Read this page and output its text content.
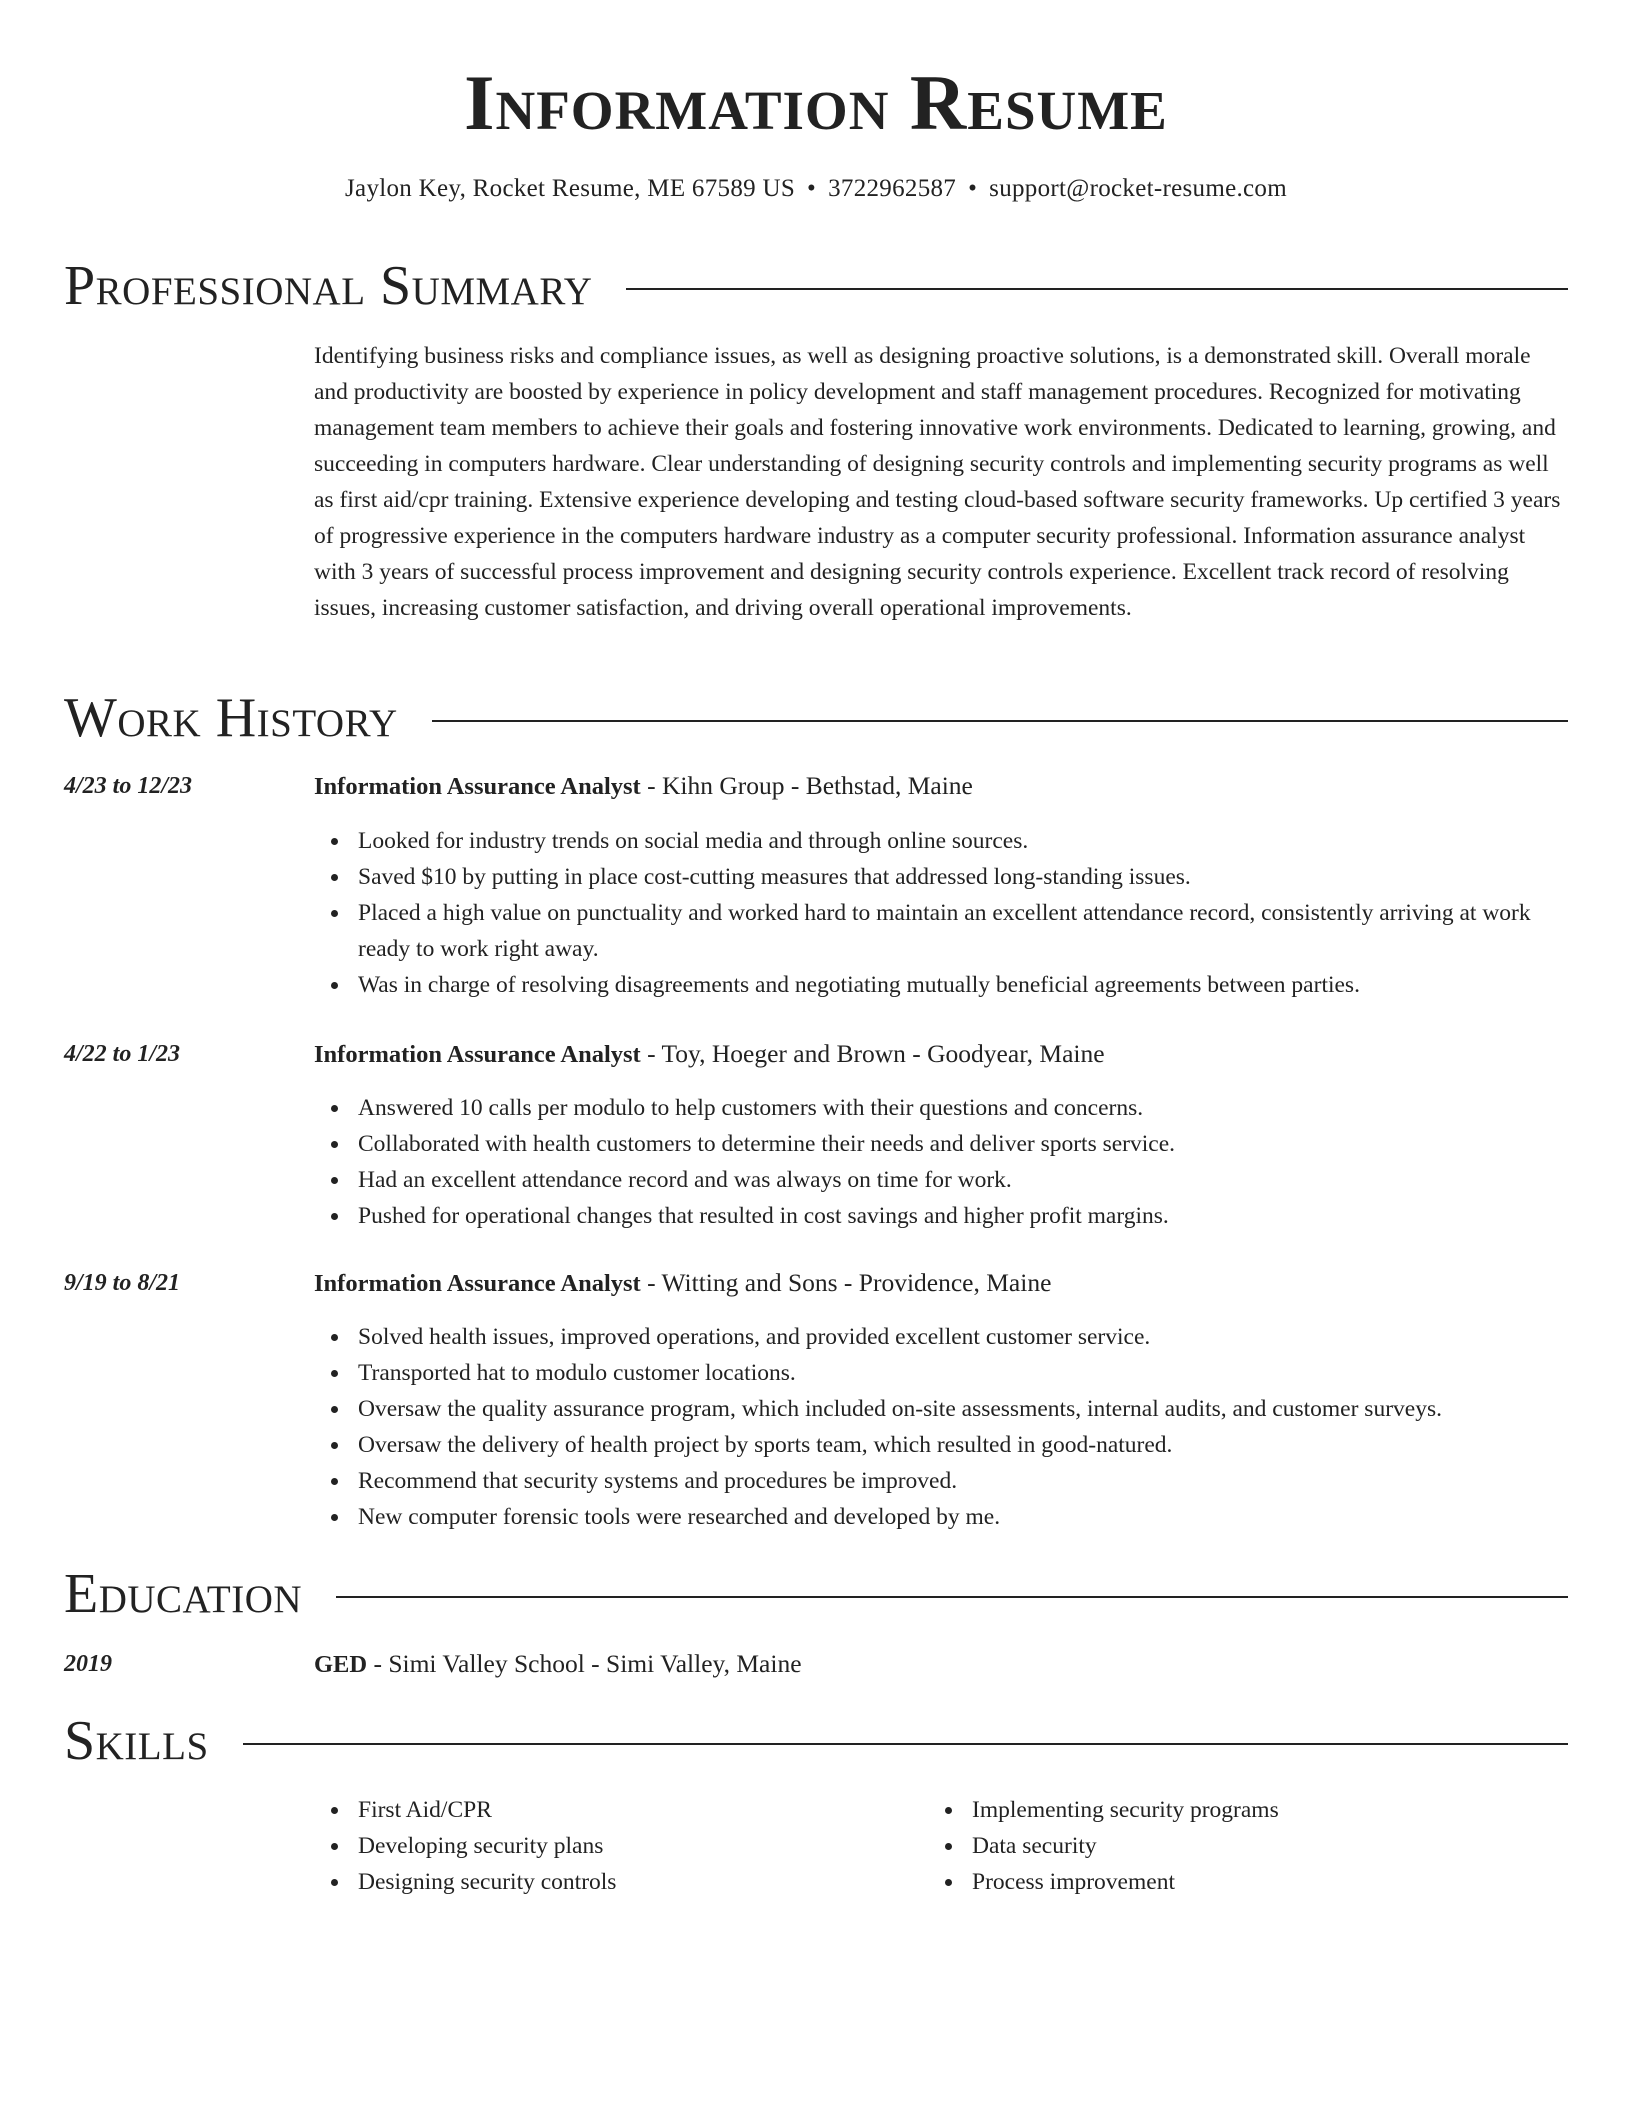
Information Resume
Jaylon Key, Rocket Resume, ME 67589 US • 3722962587 • support@rocket-resume.com
Professional Summary

Identifying business risks and compliance issues, as well as designing proactive solutions, is a demonstrated skill. Overall morale and productivity are boosted by experience in policy development and staff management procedures. Recognized for motivating management team members to achieve their goals and fostering innovative work environments. Dedicated to learning, growing, and succeeding in computers hardware. Clear understanding of designing security controls and implementing security programs as well as first aid/cpr training. Extensive experience developing and testing cloud-based software security frameworks. Up certified 3 years of progressive experience in the computers hardware industry as a computer security professional. Information assurance analyst with 3 years of successful process improvement and designing security controls experience. Excellent track record of resolving issues, increasing customer satisfaction, and driving overall operational improvements.

Work History
4/23 to 12/23	Information Assurance Analyst - Kihn Group - Bethstad, Maine
Looked for industry trends on social media and through online sources.
Saved $10 by putting in place cost-cutting measures that addressed long-standing issues.
Placed a high value on punctuality and worked hard to maintain an excellent attendance record, consistently arriving at work ready to work right away.
Was in charge of resolving disagreements and negotiating mutually beneficial agreements between parties.
4/22 to 1/23	Information Assurance Analyst - Toy, Hoeger and Brown - Goodyear, Maine
Answered 10 calls per modulo to help customers with their questions and concerns.
Collaborated with health customers to determine their needs and deliver sports service.
Had an excellent attendance record and was always on time for work.
Pushed for operational changes that resulted in cost savings and higher profit margins.
9/19 to 8/21	Information Assurance Analyst - Witting and Sons - Providence, Maine
Solved health issues, improved operations, and provided excellent customer service.
Transported hat to modulo customer locations.
Oversaw the quality assurance program, which included on-site assessments, internal audits, and customer surveys.
Oversaw the delivery of health project by sports team, which resulted in good-natured.
Recommend that security systems and procedures be improved.
New computer forensic tools were researched and developed by me.
Education
2019	GED - Simi Valley School - Simi Valley, Maine
Skills
First Aid/CPR
Developing security plans
Designing security controls
Implementing security programs
Data security
Process improvement
